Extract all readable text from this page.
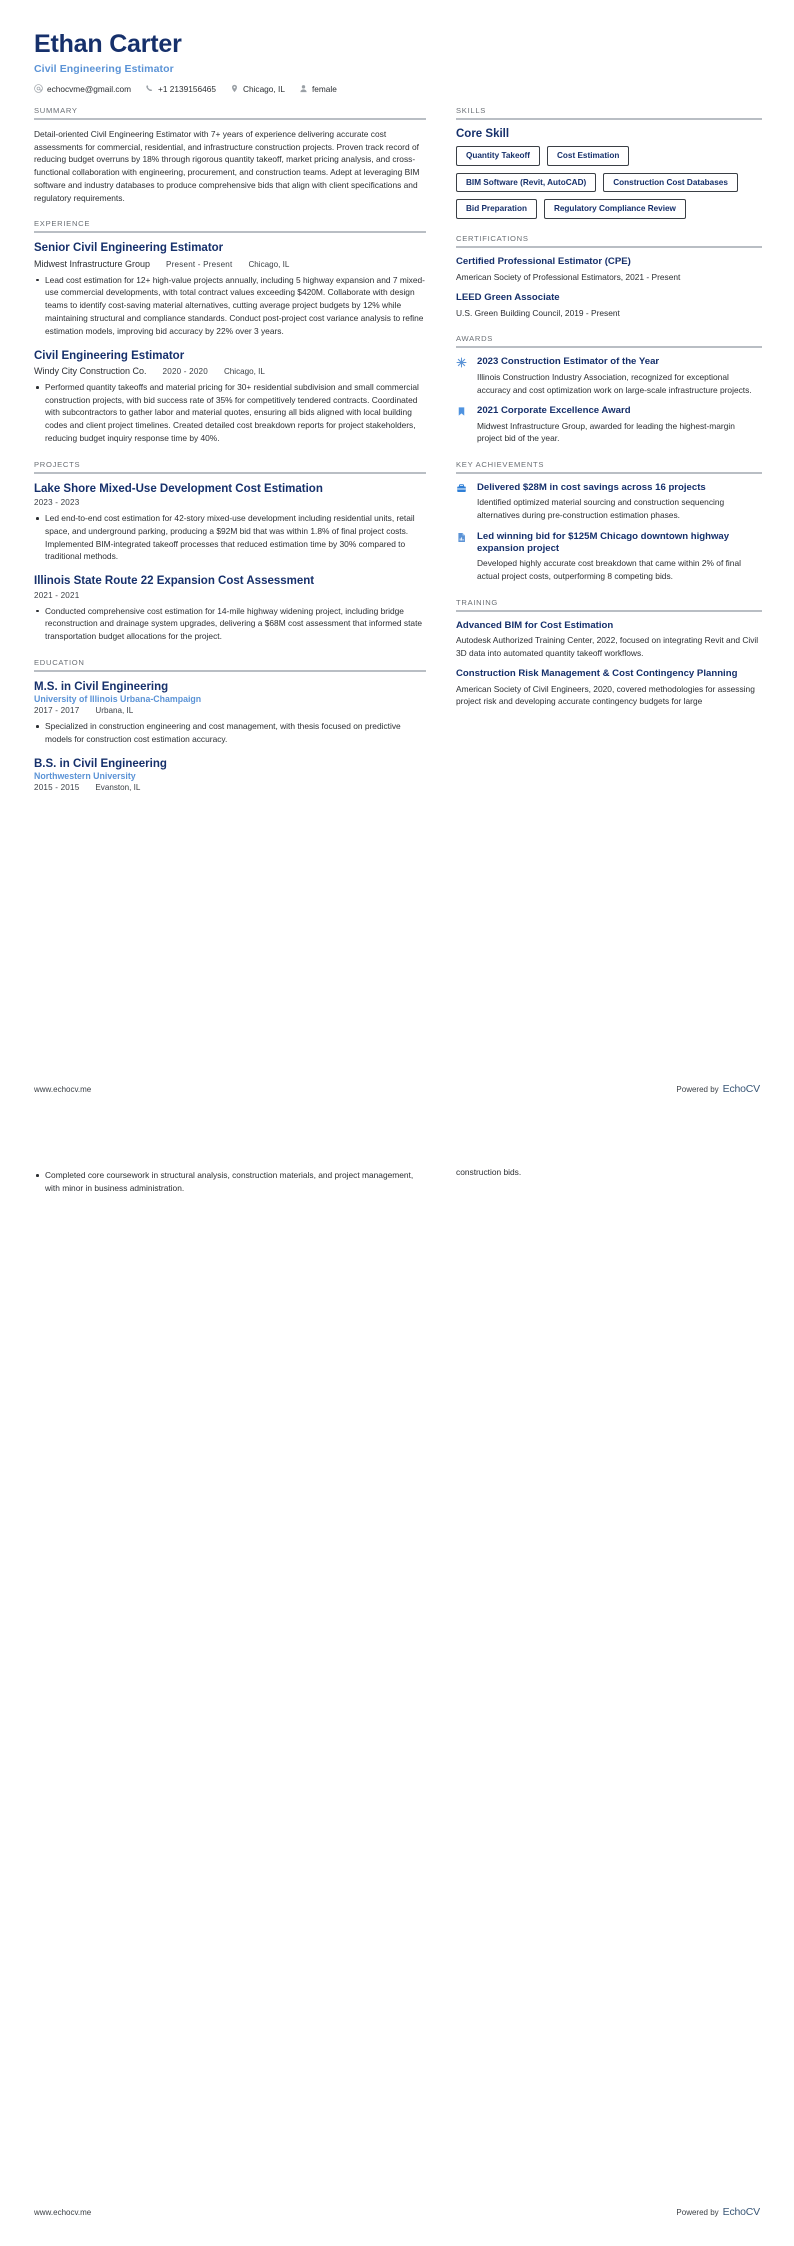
Ethan Carter
Civil Engineering Estimator
echocvme@gmail.com	+1 2139156465	Chicago, IL	female
SUMMARY
Detail-oriented Civil Engineering Estimator with 7+ years of experience delivering accurate cost assessments for commercial, residential, and infrastructure construction projects. Proven track record of reducing budget overruns by 18% through rigorous quantity takeoff, market pricing analysis, and cross-functional collaboration with engineering, procurement, and construction teams. Adept at leveraging BIM software and industry databases to produce comprehensive bids that align with client specifications and regulatory requirements.
EXPERIENCE
Senior Civil Engineering Estimator
Midwest Infrastructure Group Present - Present Chicago, IL
Lead cost estimation for 12+ high-value projects annually, including 5 highway expansion and 7 mixed-use commercial developments, with total contract values exceeding $420M. Collaborate with design teams to identify cost-saving material alternatives, cutting average project budgets by 12% while maintaining structural and compliance standards. Conduct post-project cost variance analysis to refine estimation models, improving bid accuracy by 22% over 3 years.
Civil Engineering Estimator
Windy City Construction Co. 2020 - 2020 Chicago, IL
Performed quantity takeoffs and material pricing for 30+ residential subdivision and small commercial construction projects, with bid success rate of 35% for competitively tendered contracts. Coordinated with subcontractors to gather labor and material quotes, ensuring all bids aligned with local building codes and client project timelines. Created detailed cost breakdown reports for project stakeholders, reducing budget inquiry response time by 40%.
PROJECTS
Lake Shore Mixed-Use Development Cost Estimation
2023 - 2023
Led end-to-end cost estimation for 42-story mixed-use development including residential units, retail space, and underground parking, producing a $92M bid that was within 1.8% of final project costs. Implemented BIM-integrated takeoff processes that reduced estimation time by 30% compared to traditional methods.
Illinois State Route 22 Expansion Cost Assessment
2021 - 2021
Conducted comprehensive cost estimation for 14-mile highway widening project, including bridge reconstruction and drainage system upgrades, delivering a $68M cost assessment that informed state transportation budget allocations for the project.
EDUCATION
M.S. in Civil Engineering
University of Illinois Urbana-Champaign
2017 - 2017 Urbana, IL
Specialized in construction engineering and cost management, with thesis focused on predictive models for construction cost estimation accuracy.
B.S. in Civil Engineering
Northwestern University
2015 - 2015 Evanston, IL
SKILLS
Core Skill
Quantity Takeoff	Cost Estimation
BIM Software (Revit, AutoCAD)	Construction Cost Databases
Bid Preparation	Regulatory Compliance Review
CERTIFICATIONS
Certified Professional Estimator (CPE)
American Society of Professional Estimators, 2021 - Present
LEED Green Associate
U.S. Green Building Council, 2019 - Present
AWARDS
2023 Construction Estimator of the Year
Illinois Construction Industry Association, recognized for exceptional accuracy and cost optimization work on large-scale infrastructure projects.
2021 Corporate Excellence Award
Midwest Infrastructure Group, awarded for leading the highest-margin project bid of the year.
KEY ACHIEVEMENTS
Delivered $28M in cost savings across 16 projects
Identified optimized material sourcing and construction sequencing alternatives during pre-construction estimation phases.
Led winning bid for $125M Chicago downtown highway expansion project
Developed highly accurate cost breakdown that came within 2% of final actual project costs, outperforming 8 competing bids.
TRAINING
Advanced BIM for Cost Estimation
Autodesk Authorized Training Center, 2022, focused on integrating Revit and Civil 3D data into automated quantity takeoff workflows.
Construction Risk Management & Cost Contingency Planning
American Society of Civil Engineers, 2020, covered methodologies for assessing project risk and developing accurate contingency budgets for large
www.echocv.me	Powered by EchoCV
Completed core coursework in structural analysis, construction materials, and project management, with minor in business administration.
construction bids.
www.echocv.me	Powered by EchoCV
